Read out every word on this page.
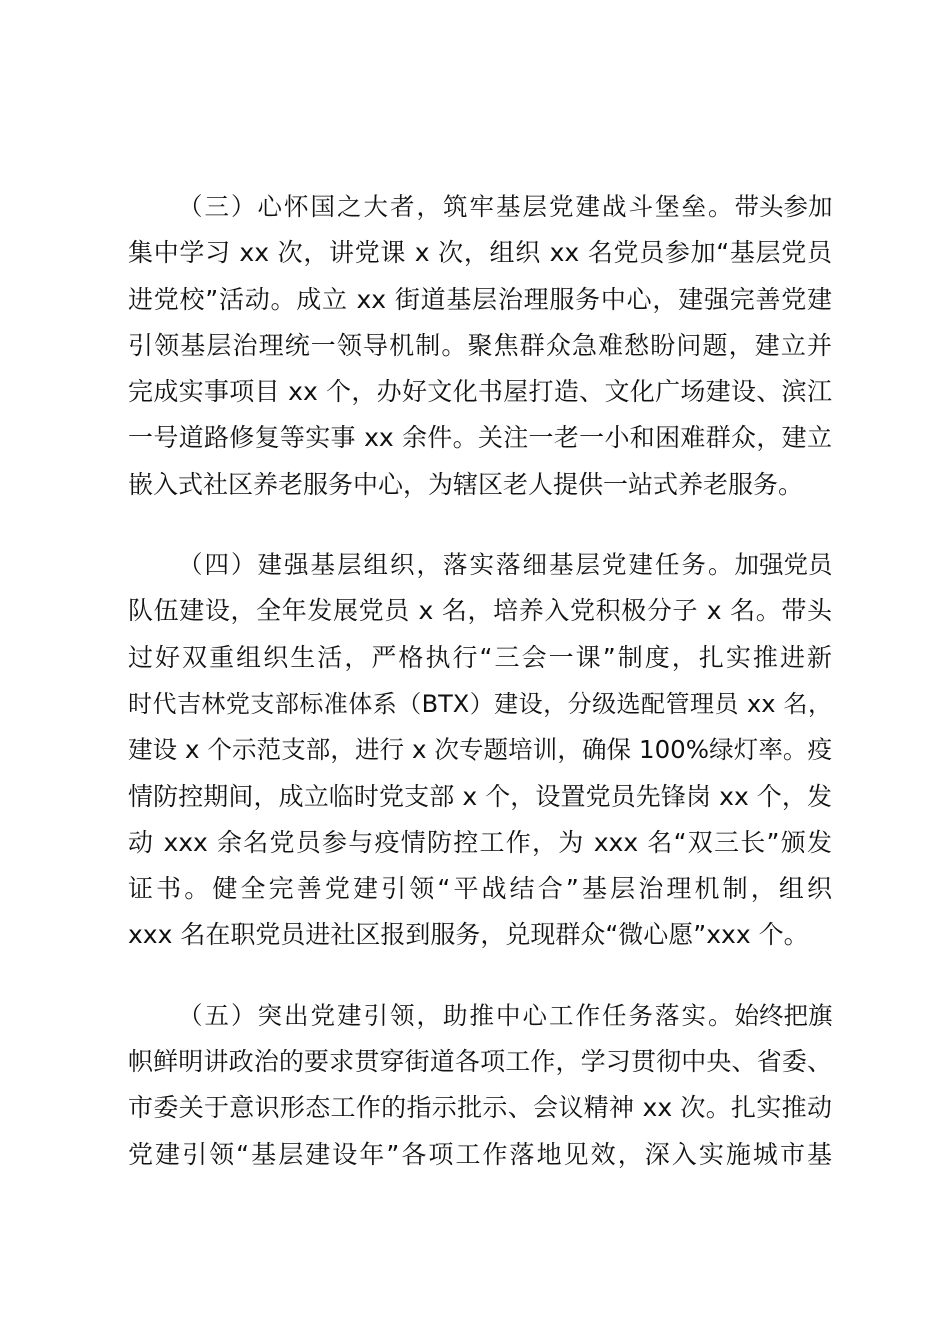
（三）心怀国之大者，筑牢基层党建战斗堡垒。带头参加
集中学习 xx 次，讲党课 x 次，组织 xx 名党员参加“基层党员
进党校”活动。成立 xx 街道基层治理服务中心，建强完善党建
引领基层治理统一领导机制。聚焦群众急难愁盼问题，建立并
完成实事项目 xx 个，办好文化书屋打造、文化广场建设、滨江
一号道路修复等实事 xx 余件。关注一老一小和困难群众，建立
嵌入式社区养老服务中心，为辖区老人提供一站式养老服务。
（四）建强基层组织，落实落细基层党建任务。加强党员
队伍建设，全年发展党员 x 名，培养入党积极分子 x 名。带头
过好双重组织生活，严格执行“三会一课”制度，扎实推进新
时代吉林党支部标准体系（BTX）建设，分级选配管理员 xx 名，
建设 x 个示范支部，进行 x 次专题培训，确保 100%绿灯率。疫
情防控期间，成立临时党支部 x 个，设置党员先锋岗 xx 个，发
动 xxx 余名党员参与疫情防控工作，为 xxx 名“双三长”颁发
证书。健全完善党建引领“平战结合”基层治理机制，组织
xxx 名在职党员进社区报到服务，兑现群众“微心愿”xxx 个。
（五）突出党建引领，助推中心工作任务落实。始终把旗
帜鲜明讲政治的要求贯穿街道各项工作，学习贯彻中央、省委、
市委关于意识形态工作的指示批示、会议精神 xx 次。扎实推动
党建引领“基层建设年”各项工作落地见效，深入实施城市基
